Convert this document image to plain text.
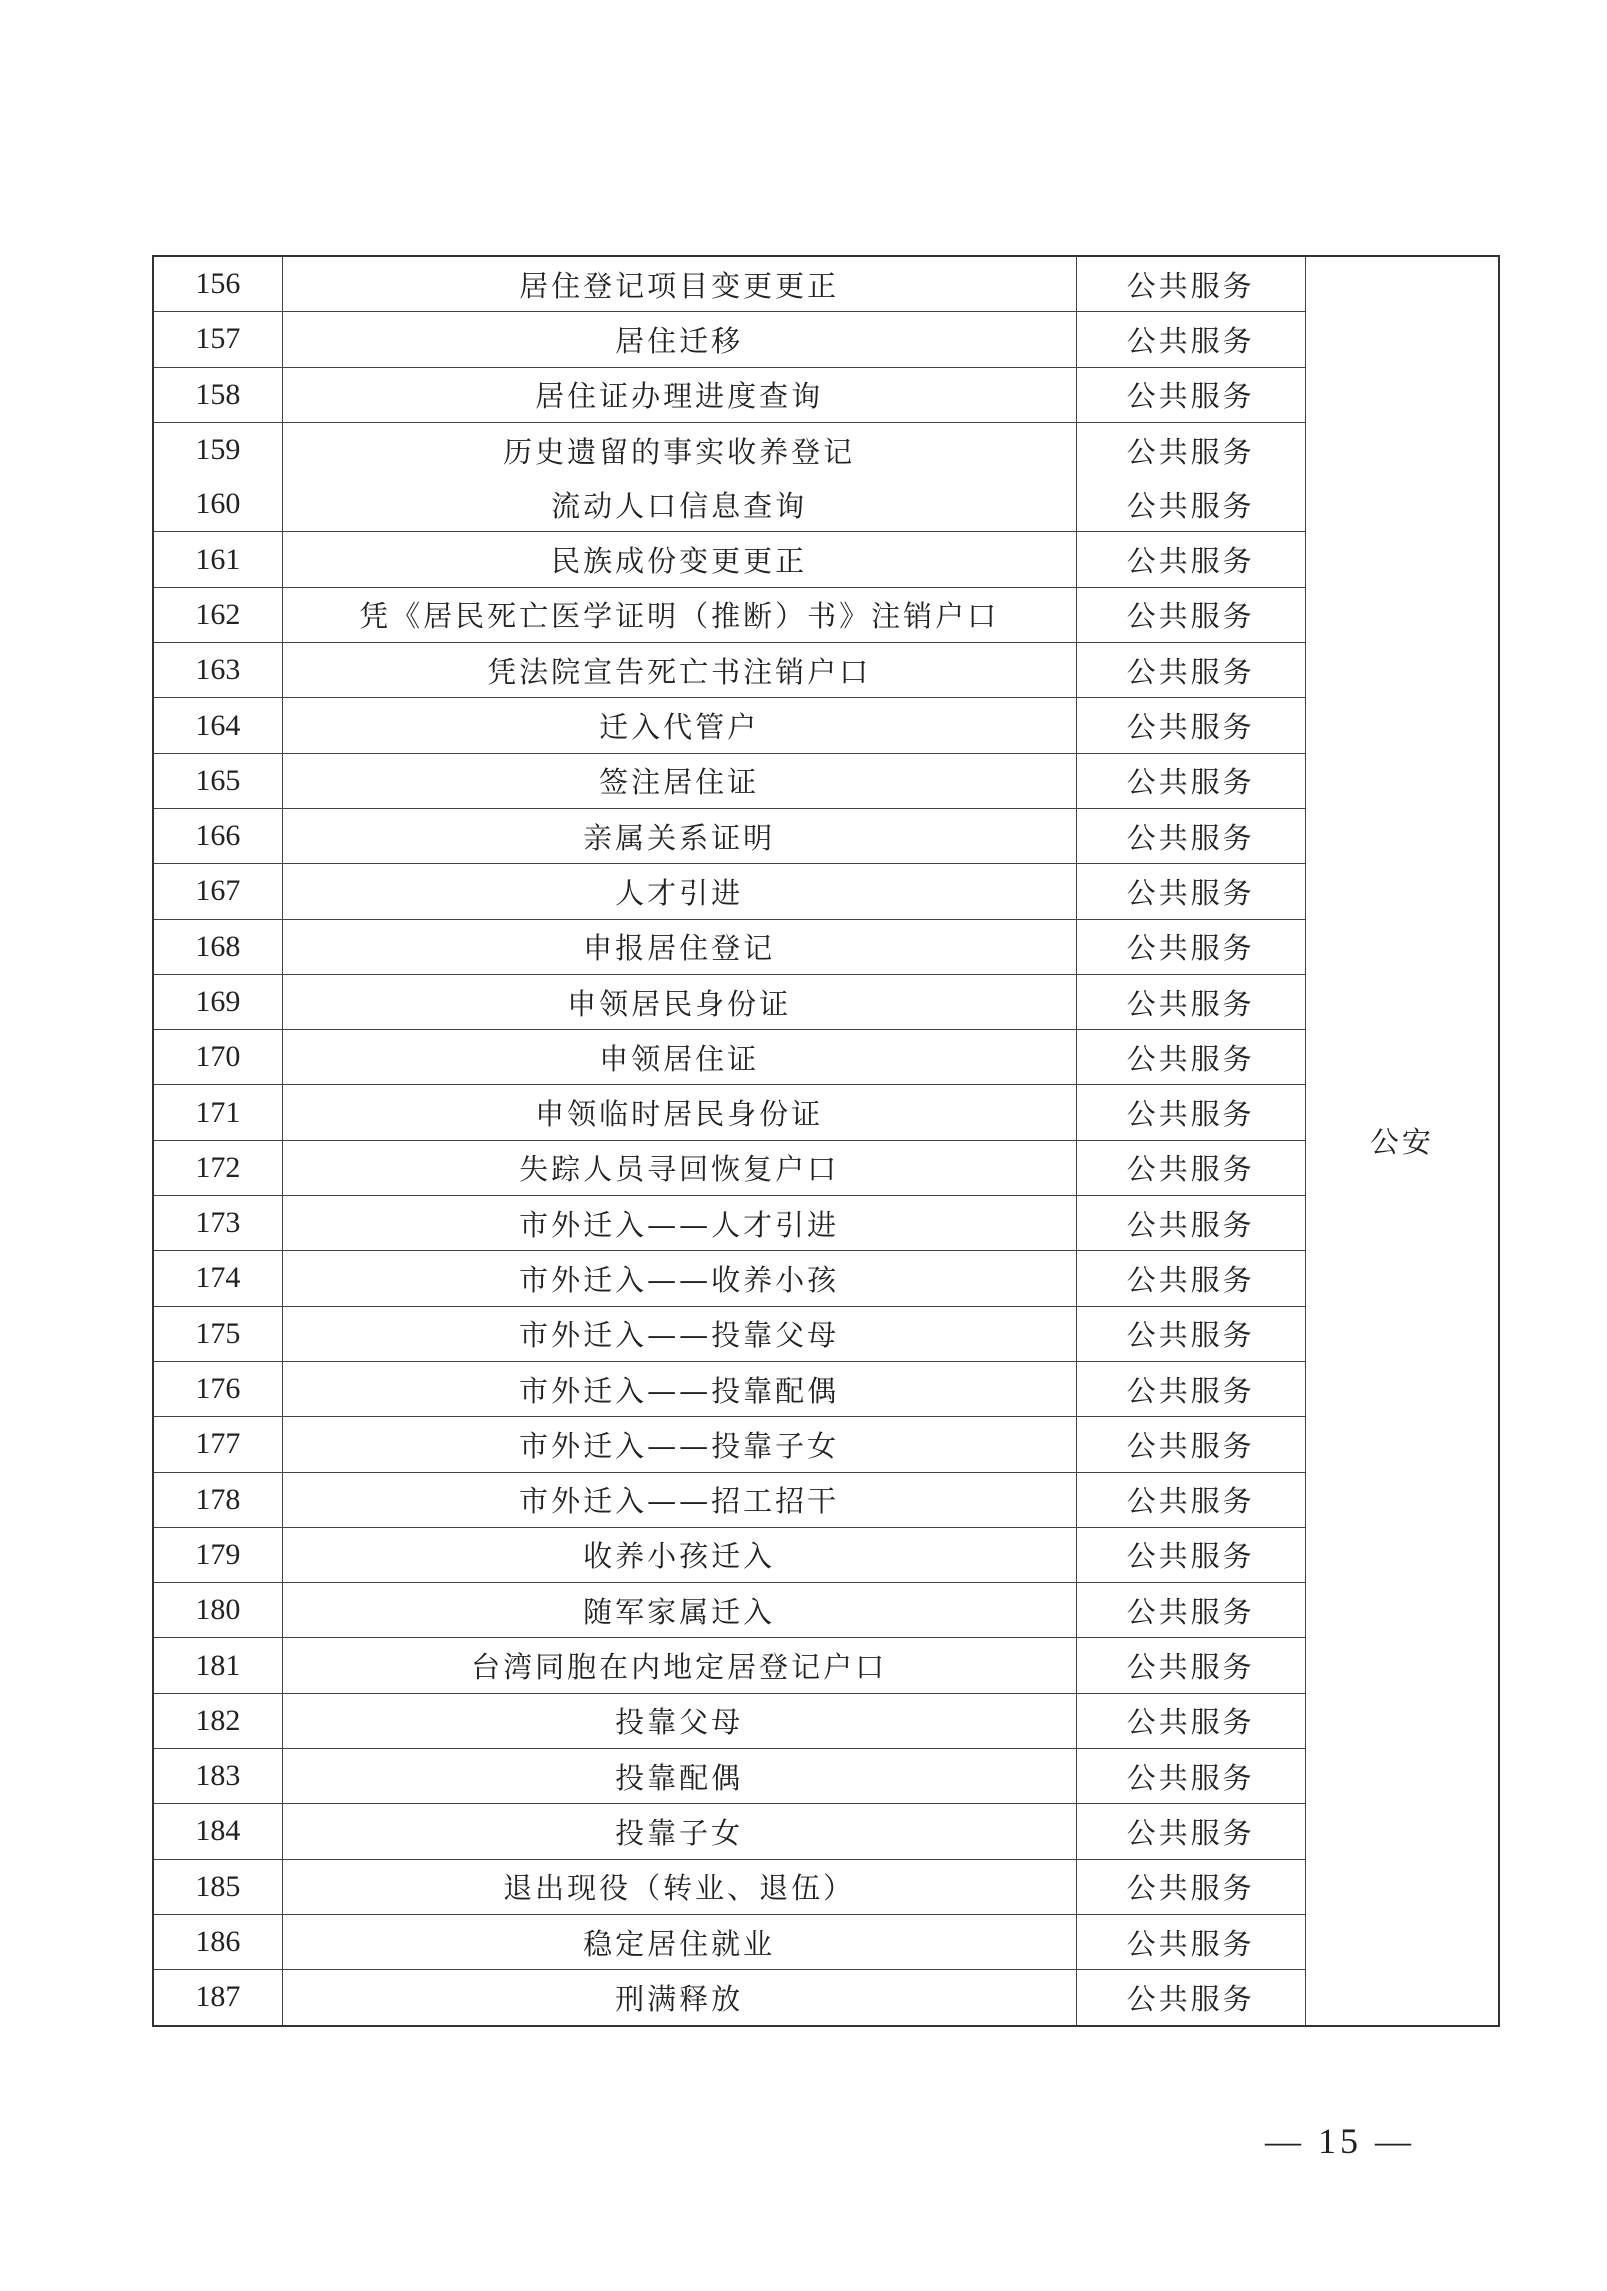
156	居住登记项目变更更正	公共服务	公安
157	居住迁移	公共服务	
158	居住证办理进度查询	公共服务	
159	历史遗留的事实收养登记	公共服务	
160	流动人口信息查询	公共服务	
161	民族成份变更更正	公共服务	
162	凭《居民死亡医学证明（推断）书》注销户口	公共服务	
163	凭法院宣告死亡书注销户口	公共服务	
164	迁入代管户	公共服务	
165	签注居住证	公共服务	
166	亲属关系证明	公共服务	
167	人才引进	公共服务	
168	申报居住登记	公共服务	
169	申领居民身份证	公共服务	
170	申领居住证	公共服务	
171	申领临时居民身份证	公共服务	
172	失踪人员寻回恢复户口	公共服务	
173	市外迁入——人才引进	公共服务	
174	市外迁入——收养小孩	公共服务	
175	市外迁入——投靠父母	公共服务	
176	市外迁入——投靠配偶	公共服务	
177	市外迁入——投靠子女	公共服务	
178	市外迁入——招工招干	公共服务	
179	收养小孩迁入	公共服务	
180	随军家属迁入	公共服务	
181	台湾同胞在内地定居登记户口	公共服务	
182	投靠父母	公共服务	
183	投靠配偶	公共服务	
184	投靠子女	公共服务	
185	退出现役（转业、退伍）	公共服务	
186	稳定居住就业	公共服务	
187	刑满释放	公共服务	
— 15 —
